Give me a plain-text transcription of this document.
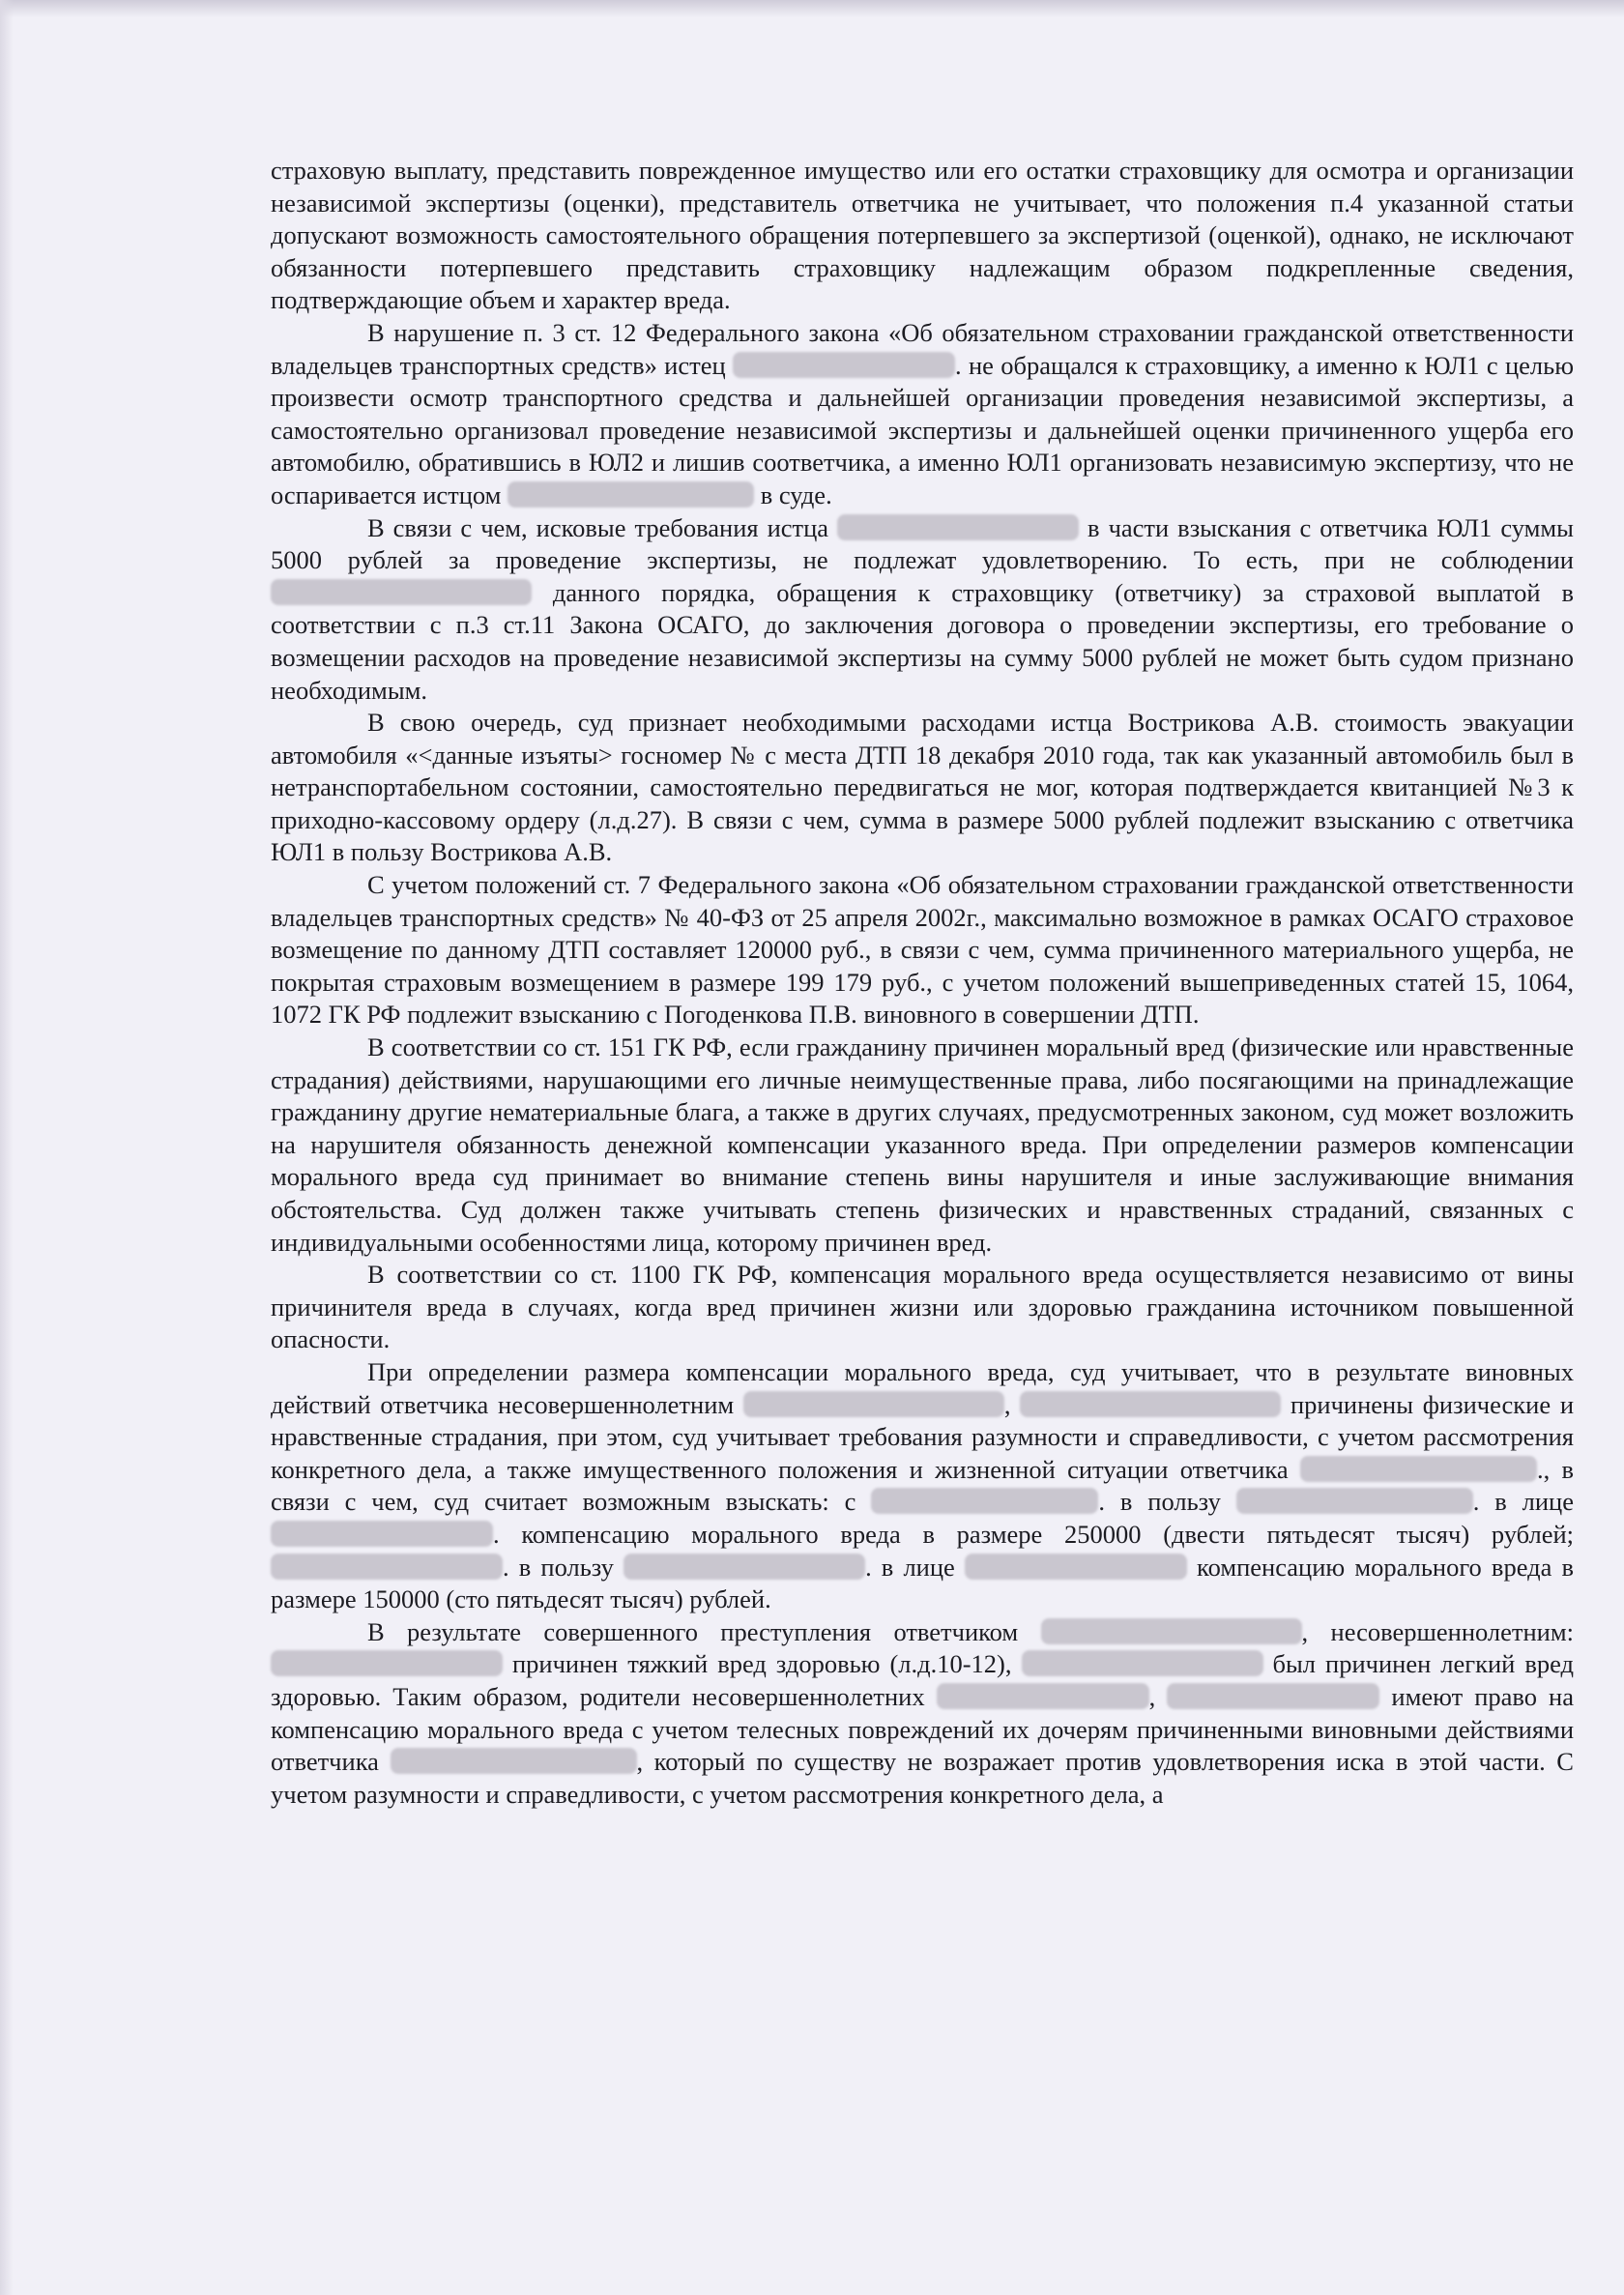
страховую выплату, представить поврежденное имущество или его остатки страховщику для осмотра и организации независимой экспертизы (оценки), представитель ответчика не учитывает, что положения п.4 указанной статьи допускают возможность самостоятельного обращения потерпевшего за экспертизой (оценкой), однако, не исключают обязанности потерпевшего представить страховщику надлежащим образом подкрепленные сведения, подтверждающие объем и характер вреда.

В нарушение п. 3 ст. 12 Федерального закона «Об обязательном страховании гражданской ответственности владельцев транспортных средств» истец	. не обращался к страховщику, а именно к ЮЛ1 с целью произвести осмотр транспортного средства и дальнейшей организации проведения независимой экспертизы, а самостоятельно организовал проведение независимой экспертизы и дальнейшей оценки причиненного ущерба его автомобилю, обратившись в ЮЛ2 и лишив соответчика, а именно ЮЛ1 организовать независимую экспертизу, что не оспаривается истцом	в суде.

В связи с чем, исковые требования истца	в части взыскания с ответчика ЮЛ1 суммы 5000 рублей за проведение экспертизы, не подлежат удовлетворению. То есть, при не соблюдении  данного порядка, обращения к страховщику (ответчику) за страховой выплатой в соответствии с п.3 ст.11 Закона ОСАГО, до заключения договора о проведении экспертизы, его требование о возмещении расходов на проведение независимой экспертизы на сумму 5000 рублей не может быть судом признано необходимым.

В свою очередь, суд признает необходимыми расходами истца Вострикова А.В. стоимость эвакуации автомобиля «<данные изъяты> госномер № с места ДТП 18 декабря 2010 года, так как указанный автомобиль был в нетранспортабельном состоянии, самостоятельно передвигаться не мог, которая подтверждается квитанцией №3 к приходно-кассовому ордеру (л.д.27). В связи с чем, сумма в размере 5000 рублей подлежит взысканию с ответчика ЮЛ1 в пользу Вострикова А.В.

С учетом положений ст. 7 Федерального закона «Об обязательном страховании гражданской ответственности владельцев транспортных средств» № 40-ФЗ от 25 апреля 2002г., максимально возможное в рамках ОСАГО страховое возмещение по данному ДТП составляет 120000 руб., в связи с чем, сумма причиненного материального ущерба, не покрытая страховым возмещением в размере 199 179 руб., с учетом положений вышеприведенных статей 15, 1064, 1072 ГК РФ подлежит взысканию с Погоденкова П.В. виновного в совершении ДТП.

В соответствии со ст. 151 ГК РФ, если гражданину причинен моральный вред (физические или нравственные страдания) действиями, нарушающими его личные неимущественные права, либо посягающими на принадлежащие гражданину другие нематериальные блага, а также в других случаях, предусмотренных законом, суд может возложить на нарушителя обязанность денежной компенсации указанного вреда. При определении размеров компенсации морального вреда суд принимает во внимание степень вины нарушителя и иные заслуживающие внимания обстоятельства. Суд должен также учитывать степень физических и нравственных страданий, связанных с индивидуальными особенностями лица, которому причинен вред.

В соответствии со ст. 1100 ГК РФ, компенсация морального вреда осуществляется независимо от вины причинителя вреда в случаях, когда вред причинен жизни или здоровью гражданина источником повышенной опасности.

При определении размера компенсации морального вреда, суд учитывает, что в результате виновных действий ответчика несовершеннолетним	,	причинены физические и нравственные страдания, при этом, суд учитывает требования разумности и справедливости, с учетом рассмотрения конкретного дела, а также имущественного положения и жизненной ситуации ответчика	., в связи с чем, суд считает возможным взыскать: с	. в пользу	. в лице . компенсацию морального вреда в размере 250000 (двести пятьдесят тысяч) рублей; . в пользу	. в лице	компенсацию морального вреда в размере 150000 (сто пятьдесят тысяч) рублей.

В результате совершенного преступления ответчиком	, несовершеннолетним:  причинен тяжкий вред здоровью (л.д.10-12),	был причинен легкий вред здоровью. Таким образом, родители несовершеннолетних	,	имеют право на компенсацию морального вреда с учетом телесных повреждений их дочерям причиненными виновными действиями ответчика	, который по существу не возражает против удовлетворения иска в этой части. С учетом разумности и справедливости, с учетом рассмотрения конкретного дела, а
